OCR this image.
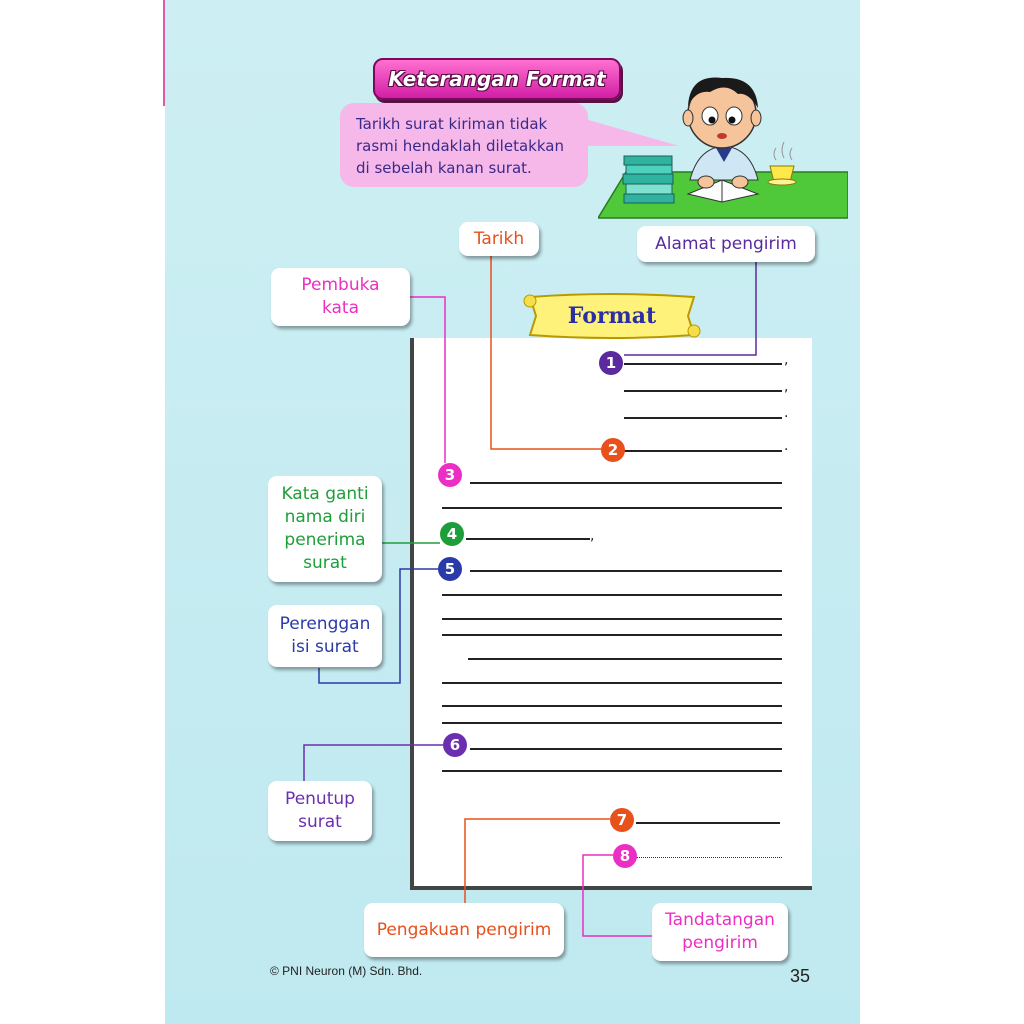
Keterangan Format
Tarikh surat kiriman tidak
rasmi hendaklah diletakkan
di sebelah kanan surat.
Format
,
,
.
.
,
1
2
3
4
5
6
7
8
Tarikh	Alamat pengirim
Pembuka
kata
Kata ganti
nama diri
penerima
surat
Perenggan
isi surat
Penutup
surat
Pengakuan pengirim	Tandatangan
pengirim
© PNI Neuron (M) Sdn. Bhd.	35
